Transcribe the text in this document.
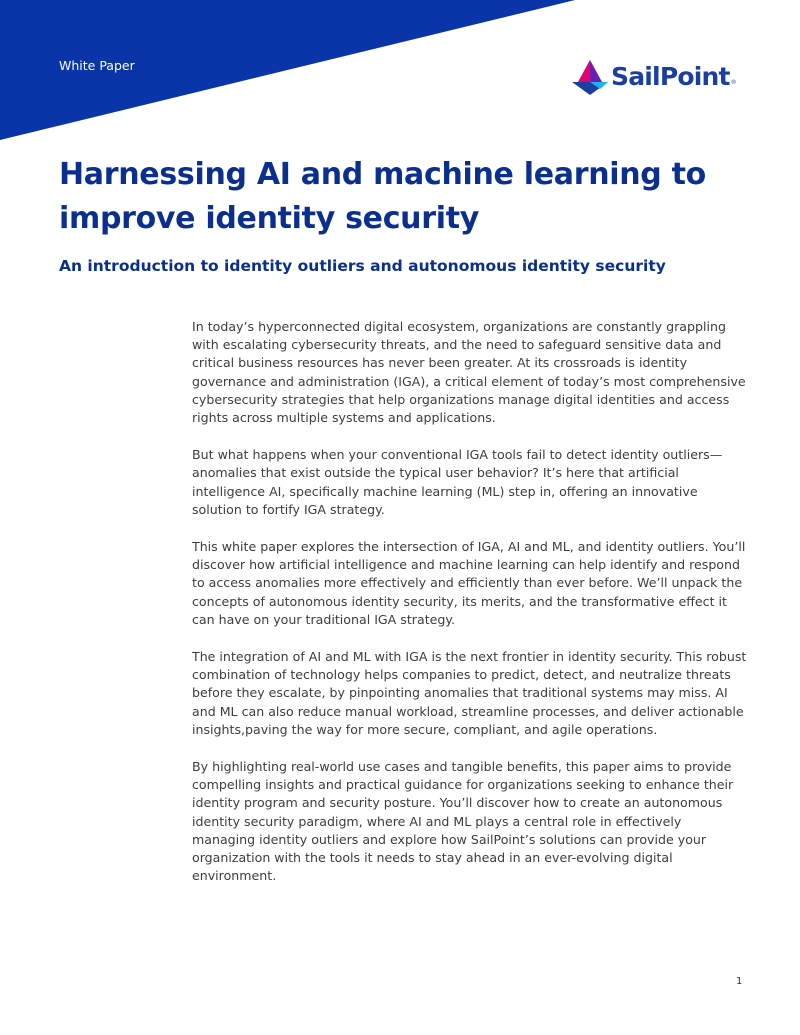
White Paper	SailPoint ®
Harnessing AI and machine learning to improve identity security
An introduction to identity outliers and autonomous identity security

In today’s hyperconnected digital ecosystem, organizations are constantly grappling with escalating cybersecurity threats, and the need to safeguard sensitive data and critical business resources has never been greater. At its crossroads is identity governance and administration (IGA), a critical element of today’s most comprehensive cybersecurity strategies that help organizations manage digital identities and access rights across multiple systems and applications.

But what happens when your conventional IGA tools fail to detect identity outliers—anomalies that exist outside the typical user behavior? It’s here that artificial intelligence AI, specifically machine learning (ML) step in, offering an innovative solution to fortify IGA strategy.

This white paper explores the intersection of IGA, AI and ML, and identity outliers. You’ll discover how artificial intelligence and machine learning can help identify and respond to access anomalies more effectively and efficiently than ever before. We’ll unpack the concepts of autonomous identity security, its merits, and the transformative effect it can have on your traditional IGA strategy.

The integration of AI and ML with IGA is the next frontier in identity security. This robust combination of technology helps companies to predict, detect, and neutralize threats before they escalate, by pinpointing anomalies that traditional systems may miss. AI and ML can also reduce manual workload, streamline processes, and deliver actionable insights,paving the way for more secure, compliant, and agile operations.

By highlighting real-world use cases and tangible benefits, this paper aims to provide compelling insights and practical guidance for organizations seeking to enhance their identity program and security posture. You’ll discover how to create an autonomous identity security paradigm, where AI and ML plays a central role in effectively managing identity outliers and explore how SailPoint’s solutions can provide your organization with the tools it needs to stay ahead in an ever-evolving digital environment.

1
